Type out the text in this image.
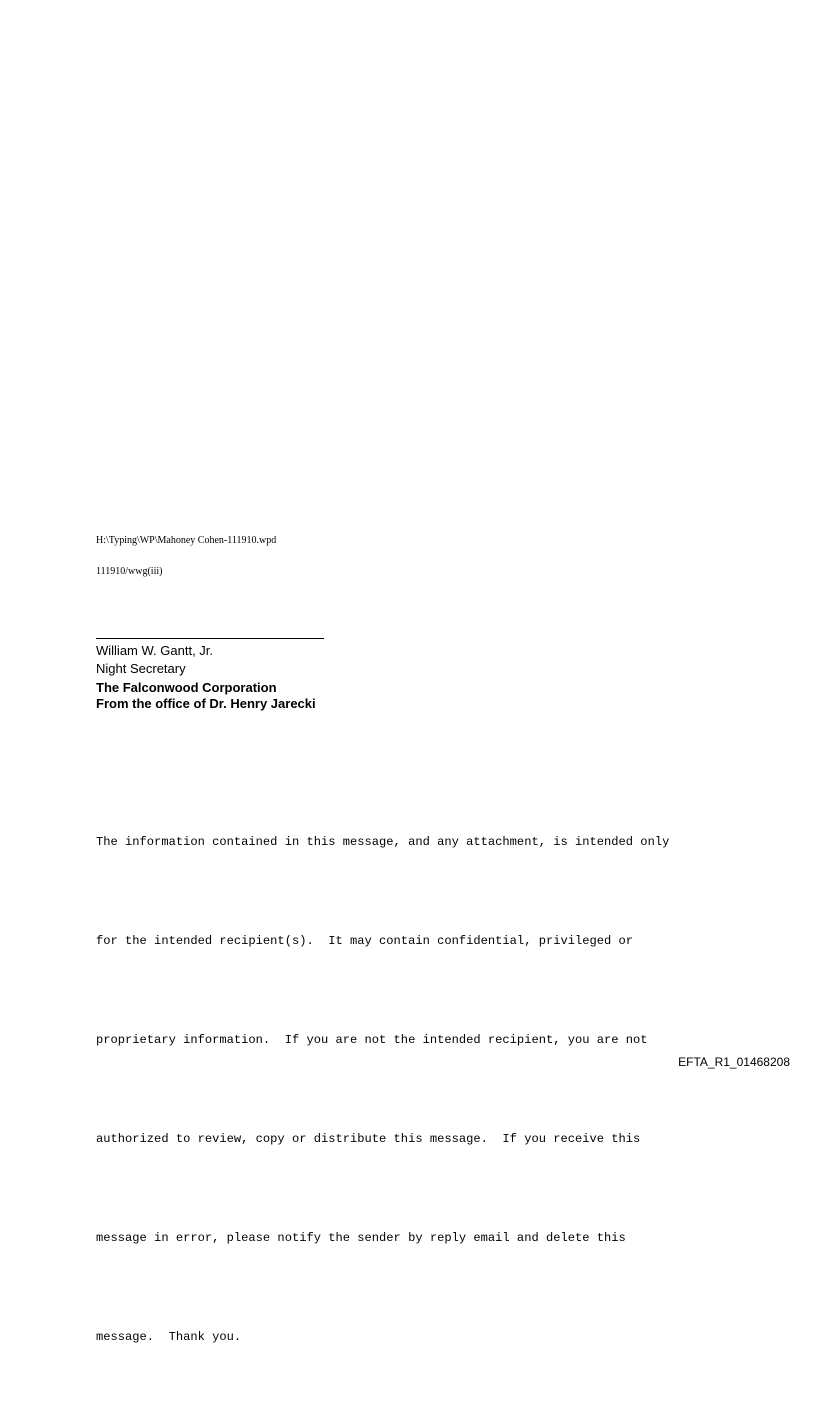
H:\Typing\WP\Mahoney Cohen-111910.wpd
111910/wwg(iii)
William W. Gantt, Jr.
Night Secretary
The Falconwood Corporation
From the office of Dr. Henry Jarecki

The information contained in this message, and any attachment, is intended only

for the intended recipient(s).  It may contain confidential, privileged or

proprietary information.  If you are not the intended recipient, you are not

authorized to review, copy or distribute this message.  If you receive this

message in error, please notify the sender by reply email and delete this

message.  Thank you.

EFTA_R1_01468208
